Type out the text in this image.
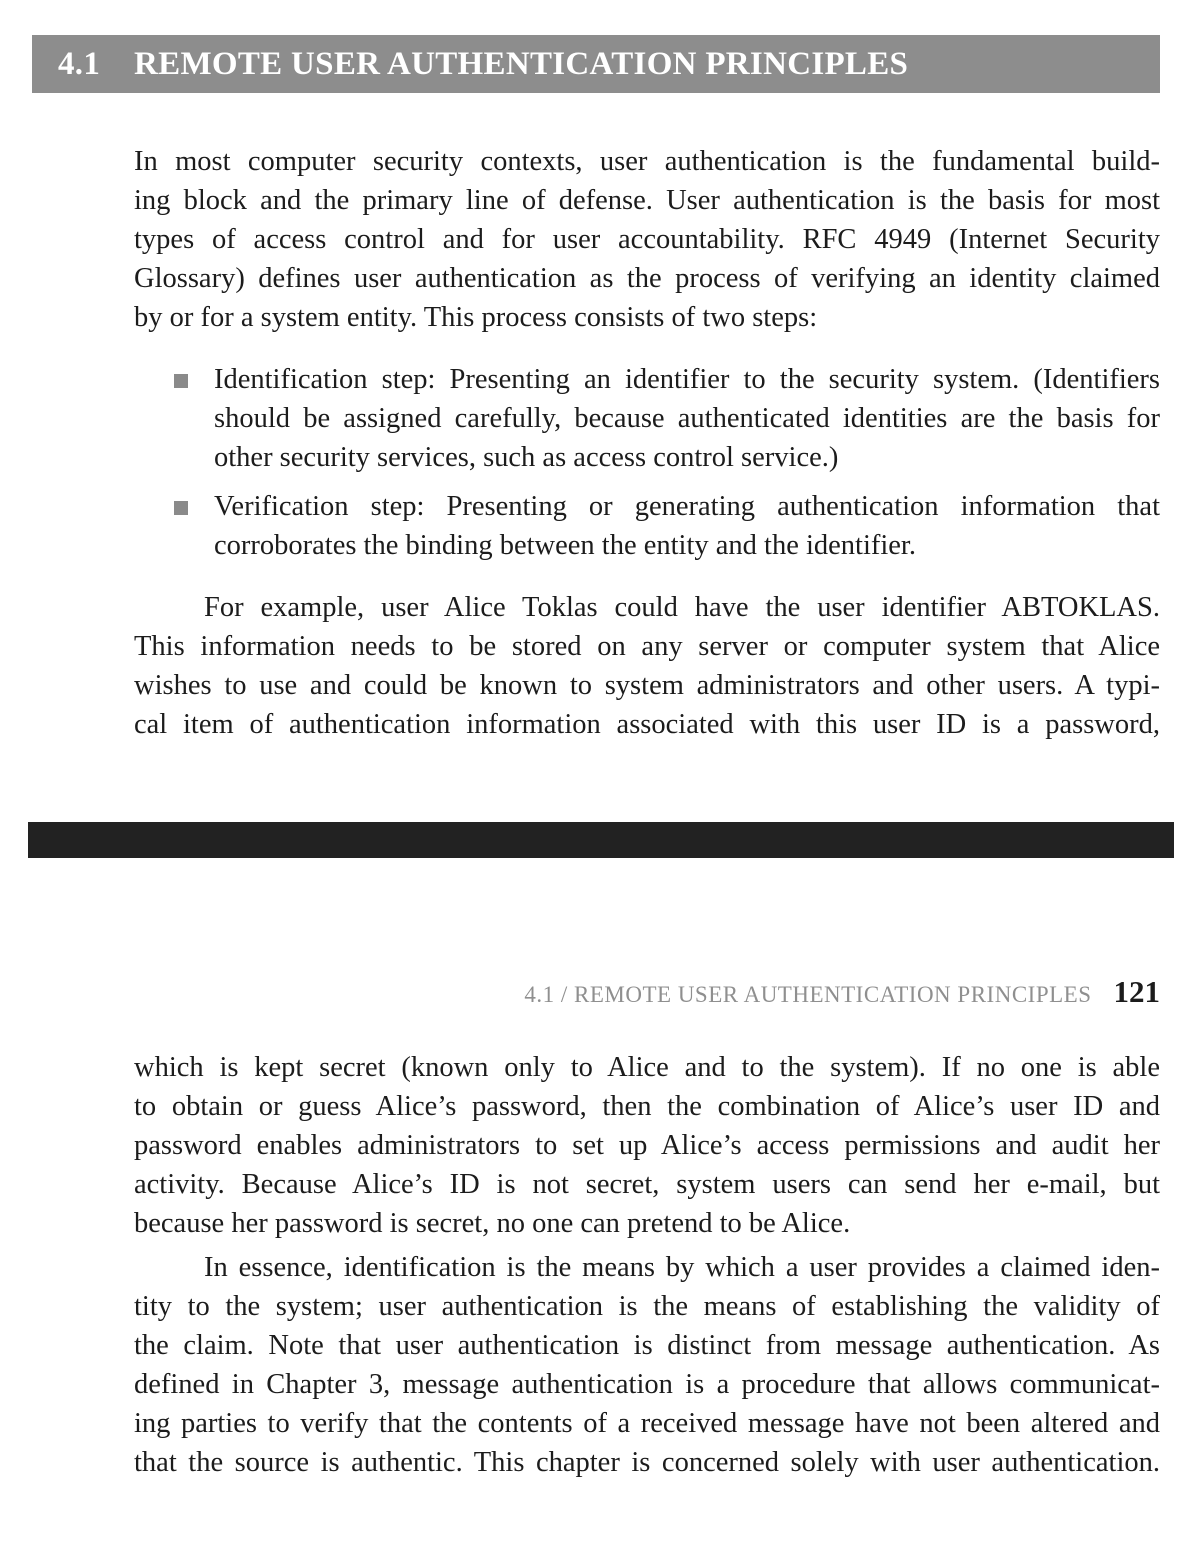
4.1 REMOTE USER AUTHENTICATION PRINCIPLES
In most computer security contexts, user authentication is the fundamental build-
ing block and the primary line of defense. User authentication is the basis for most
types of access control and for user accountability. RFC 4949 (Internet Security
Glossary) defines user authentication as the process of verifying an identity claimed
by or for a system entity. This process consists of two steps:
Identification step: Presenting an identifier to the security system. (Identifiers
should be assigned carefully, because authenticated identities are the basis for
other security services, such as access control service.)
Verification step: Presenting or generating authentication information that
corroborates the binding between the entity and the identifier.
For example, user Alice Toklas could have the user identifier ABTOKLAS.
This information needs to be stored on any server or computer system that Alice
wishes to use and could be known to system administrators and other users. A typi-
cal item of authentication information associated with this user ID is a password,
4.1 / REMOTE USER AUTHENTICATION PRINCIPLES 121
which is kept secret (known only to Alice and to the system). If no one is able
to obtain or guess Alice’s password, then the combination of Alice’s user ID and
password enables administrators to set up Alice’s access permissions and audit her
activity. Because Alice’s ID is not secret, system users can send her e-mail, but
because her password is secret, no one can pretend to be Alice.
In essence, identification is the means by which a user provides a claimed iden-
tity to the system; user authentication is the means of establishing the validity of
the claim. Note that user authentication is distinct from message authentication. As
defined in Chapter 3, message authentication is a procedure that allows communicat-
ing parties to verify that the contents of a received message have not been altered and
that the source is authentic. This chapter is concerned solely with user authentication.
